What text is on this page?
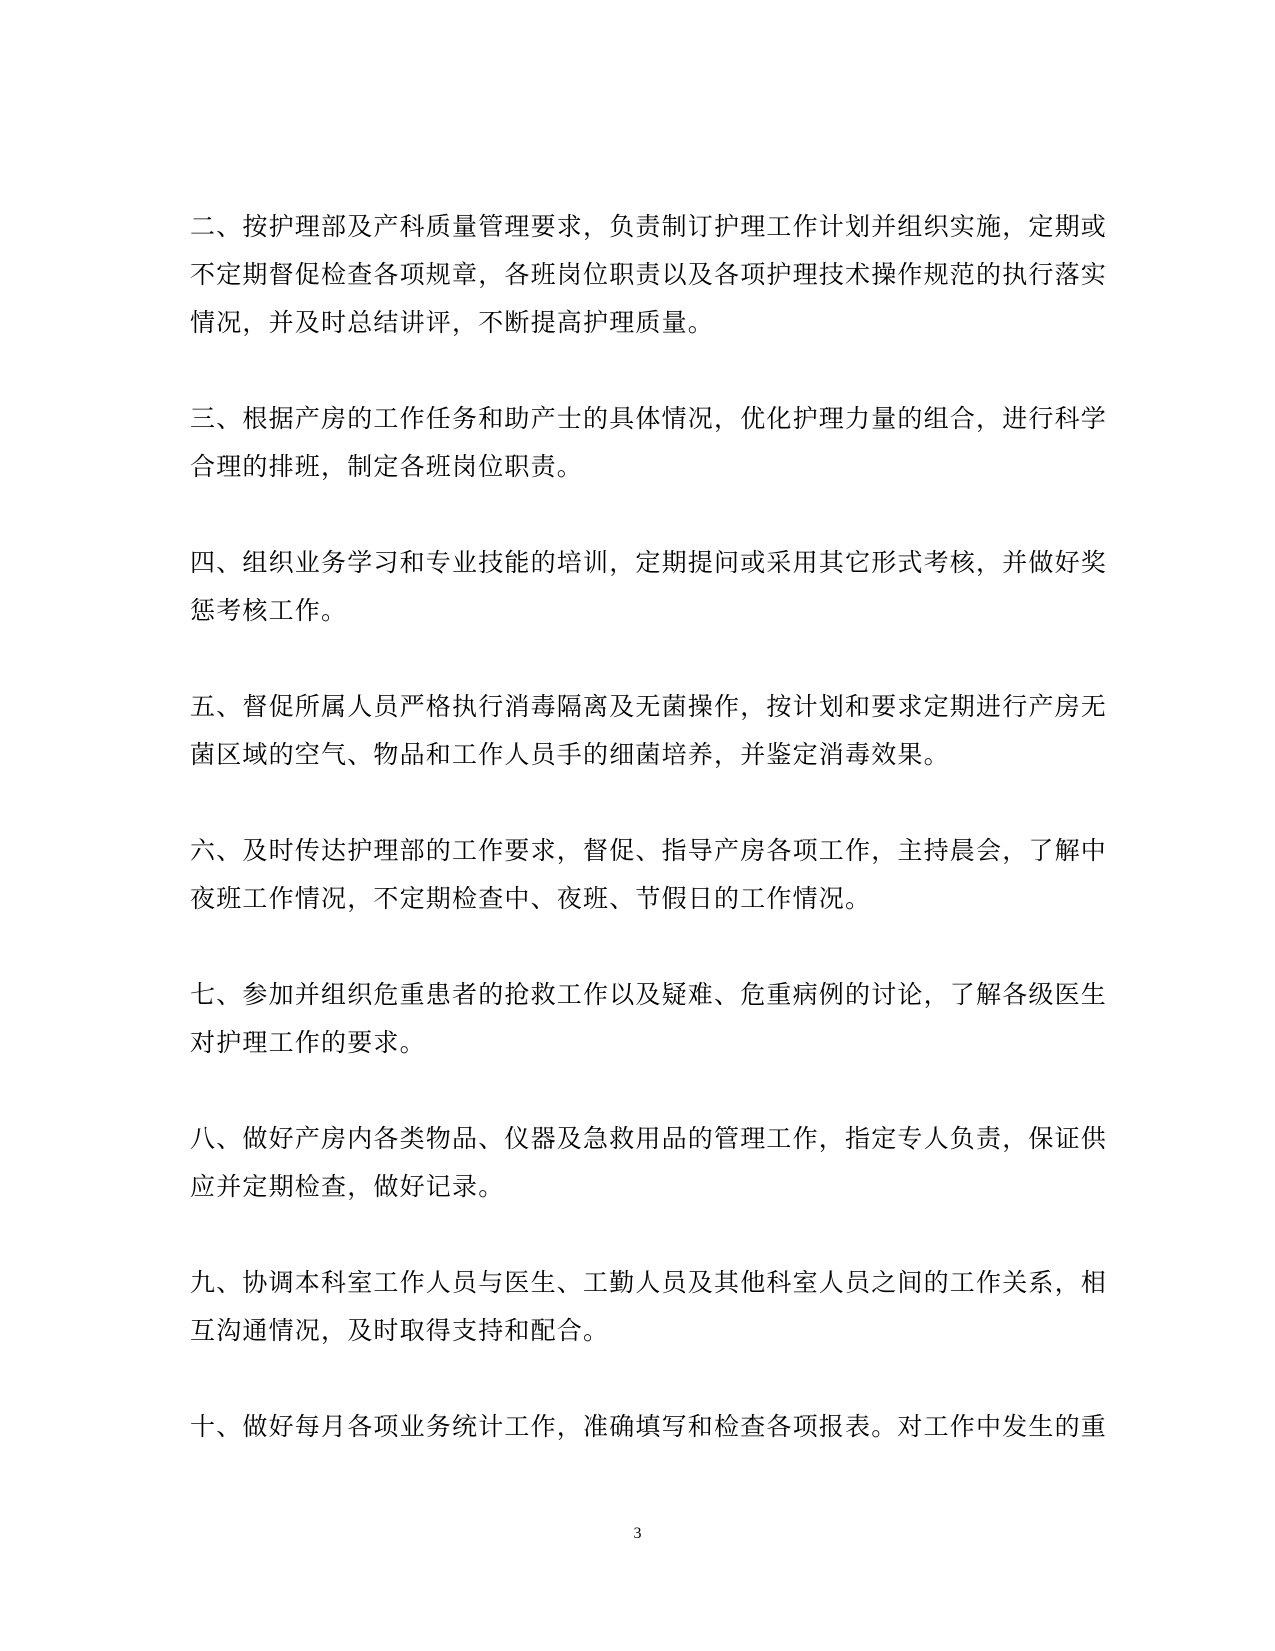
二、按护理部及产科质量管理要求，负责制订护理工作计划并组织实施，定期或
不定期督促检查各项规章，各班岗位职责以及各项护理技术操作规范的执行落实
情况，并及时总结讲评，不断提高护理质量。

三、根据产房的工作任务和助产士的具体情况，优化护理力量的组合，进行科学
合理的排班，制定各班岗位职责。

四、组织业务学习和专业技能的培训，定期提问或采用其它形式考核，并做好奖
惩考核工作。

五、督促所属人员严格执行消毒隔离及无菌操作，按计划和要求定期进行产房无
菌区域的空气、物品和工作人员手的细菌培养，并鉴定消毒效果。

六、及时传达护理部的工作要求，督促、指导产房各项工作，主持晨会，了解中
夜班工作情况，不定期检查中、夜班、节假日的工作情况。

七、参加并组织危重患者的抢救工作以及疑难、危重病例的讨论，了解各级医生
对护理工作的要求。

八、做好产房内各类物品、仪器及急救用品的管理工作，指定专人负责，保证供
应并定期检查，做好记录。

九、协调本科室工作人员与医生、工勤人员及其他科室人员之间的工作关系，相
互沟通情况，及时取得支持和配合。

十、做好每月各项业务统计工作，准确填写和检查各项报表。对工作中发生的重

3
